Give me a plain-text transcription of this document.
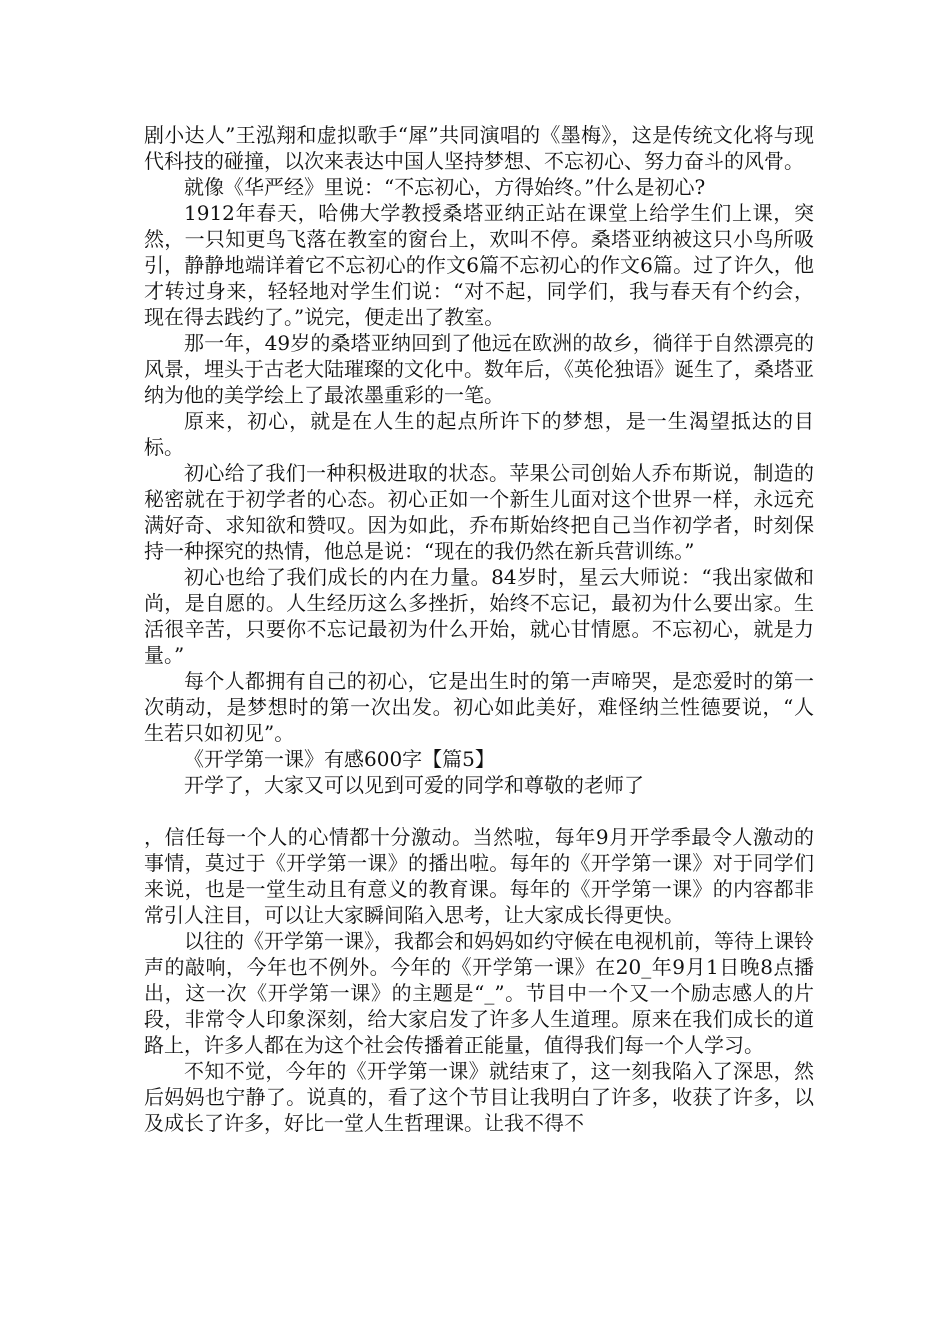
剧小达人”王泓翔和虚拟歌手“犀”共同演唱的《墨梅》，这是传统文化将与现代科技的碰撞，以次来表达中国人坚持梦想、不忘初心、努力奋斗的风骨。

就像《华严经》里说：“不忘初心，方得始终。”什么是初心?

1912年春天，哈佛大学教授桑塔亚纳正站在课堂上给学生们上课，突然，一只知更鸟飞落在教室的窗台上，欢叫不停。桑塔亚纳被这只小鸟所吸引，静静地端详着它不忘初心的作文6篇不忘初心的作文6篇。过了许久，他才转过身来，轻轻地对学生们说：“对不起，同学们，我与春天有个约会，现在得去践约了。”说完，便走出了教室。

那一年，49岁的桑塔亚纳回到了他远在欧洲的故乡，徜徉于自然漂亮的风景，埋头于古老大陆璀璨的文化中。数年后，《英伦独语》诞生了，桑塔亚纳为他的美学绘上了最浓墨重彩的一笔。

原来，初心，就是在人生的起点所许下的梦想，是一生渴望抵达的目标。

初心给了我们一种积极进取的状态。苹果公司创始人乔布斯说，制造的秘密就在于初学者的心态。初心正如一个新生儿面对这个世界一样，永远充满好奇、求知欲和赞叹。因为如此，乔布斯始终把自己当作初学者，时刻保持一种探究的热情，他总是说：“现在的我仍然在新兵营训练。”

初心也给了我们成长的内在力量。84岁时，星云大师说：“我出家做和尚，是自愿的。人生经历这么多挫折，始终不忘记，最初为什么要出家。生活很辛苦，只要你不忘记最初为什么开始，就心甘情愿。不忘初心，就是力量。”

每个人都拥有自己的初心，它是出生时的第一声啼哭，是恋爱时的第一次萌动，是梦想时的第一次出发。初心如此美好，难怪纳兰性德要说，“人生若只如初见”。

《开学第一课》有感600字【篇5】

开学了，大家又可以见到可爱的同学和尊敬的老师了

，信任每一个人的心情都十分激动。当然啦，每年9月开学季最令人激动的事情，莫过于《开学第一课》的播出啦。每年的《开学第一课》对于同学们来说，也是一堂生动且有意义的教育课。每年的《开学第一课》的内容都非常引人注目，可以让大家瞬间陷入思考，让大家成长得更快。

以往的《开学第一课》，我都会和妈妈如约守候在电视机前，等待上课铃声的敲响，今年也不例外。今年的《开学第一课》在20_年9月1日晚8点播出，这一次《开学第一课》的主题是“_”。节目中一个又一个励志感人的片段，非常令人印象深刻，给大家启发了许多人生道理。原来在我们成长的道路上，许多人都在为这个社会传播着正能量，值得我们每一个人学习。

不知不觉，今年的《开学第一课》就结束了，这一刻我陷入了深思，然后妈妈也宁静了。说真的，看了这个节目让我明白了许多，收获了许多，以及成长了许多，好比一堂人生哲理课。让我不得不
